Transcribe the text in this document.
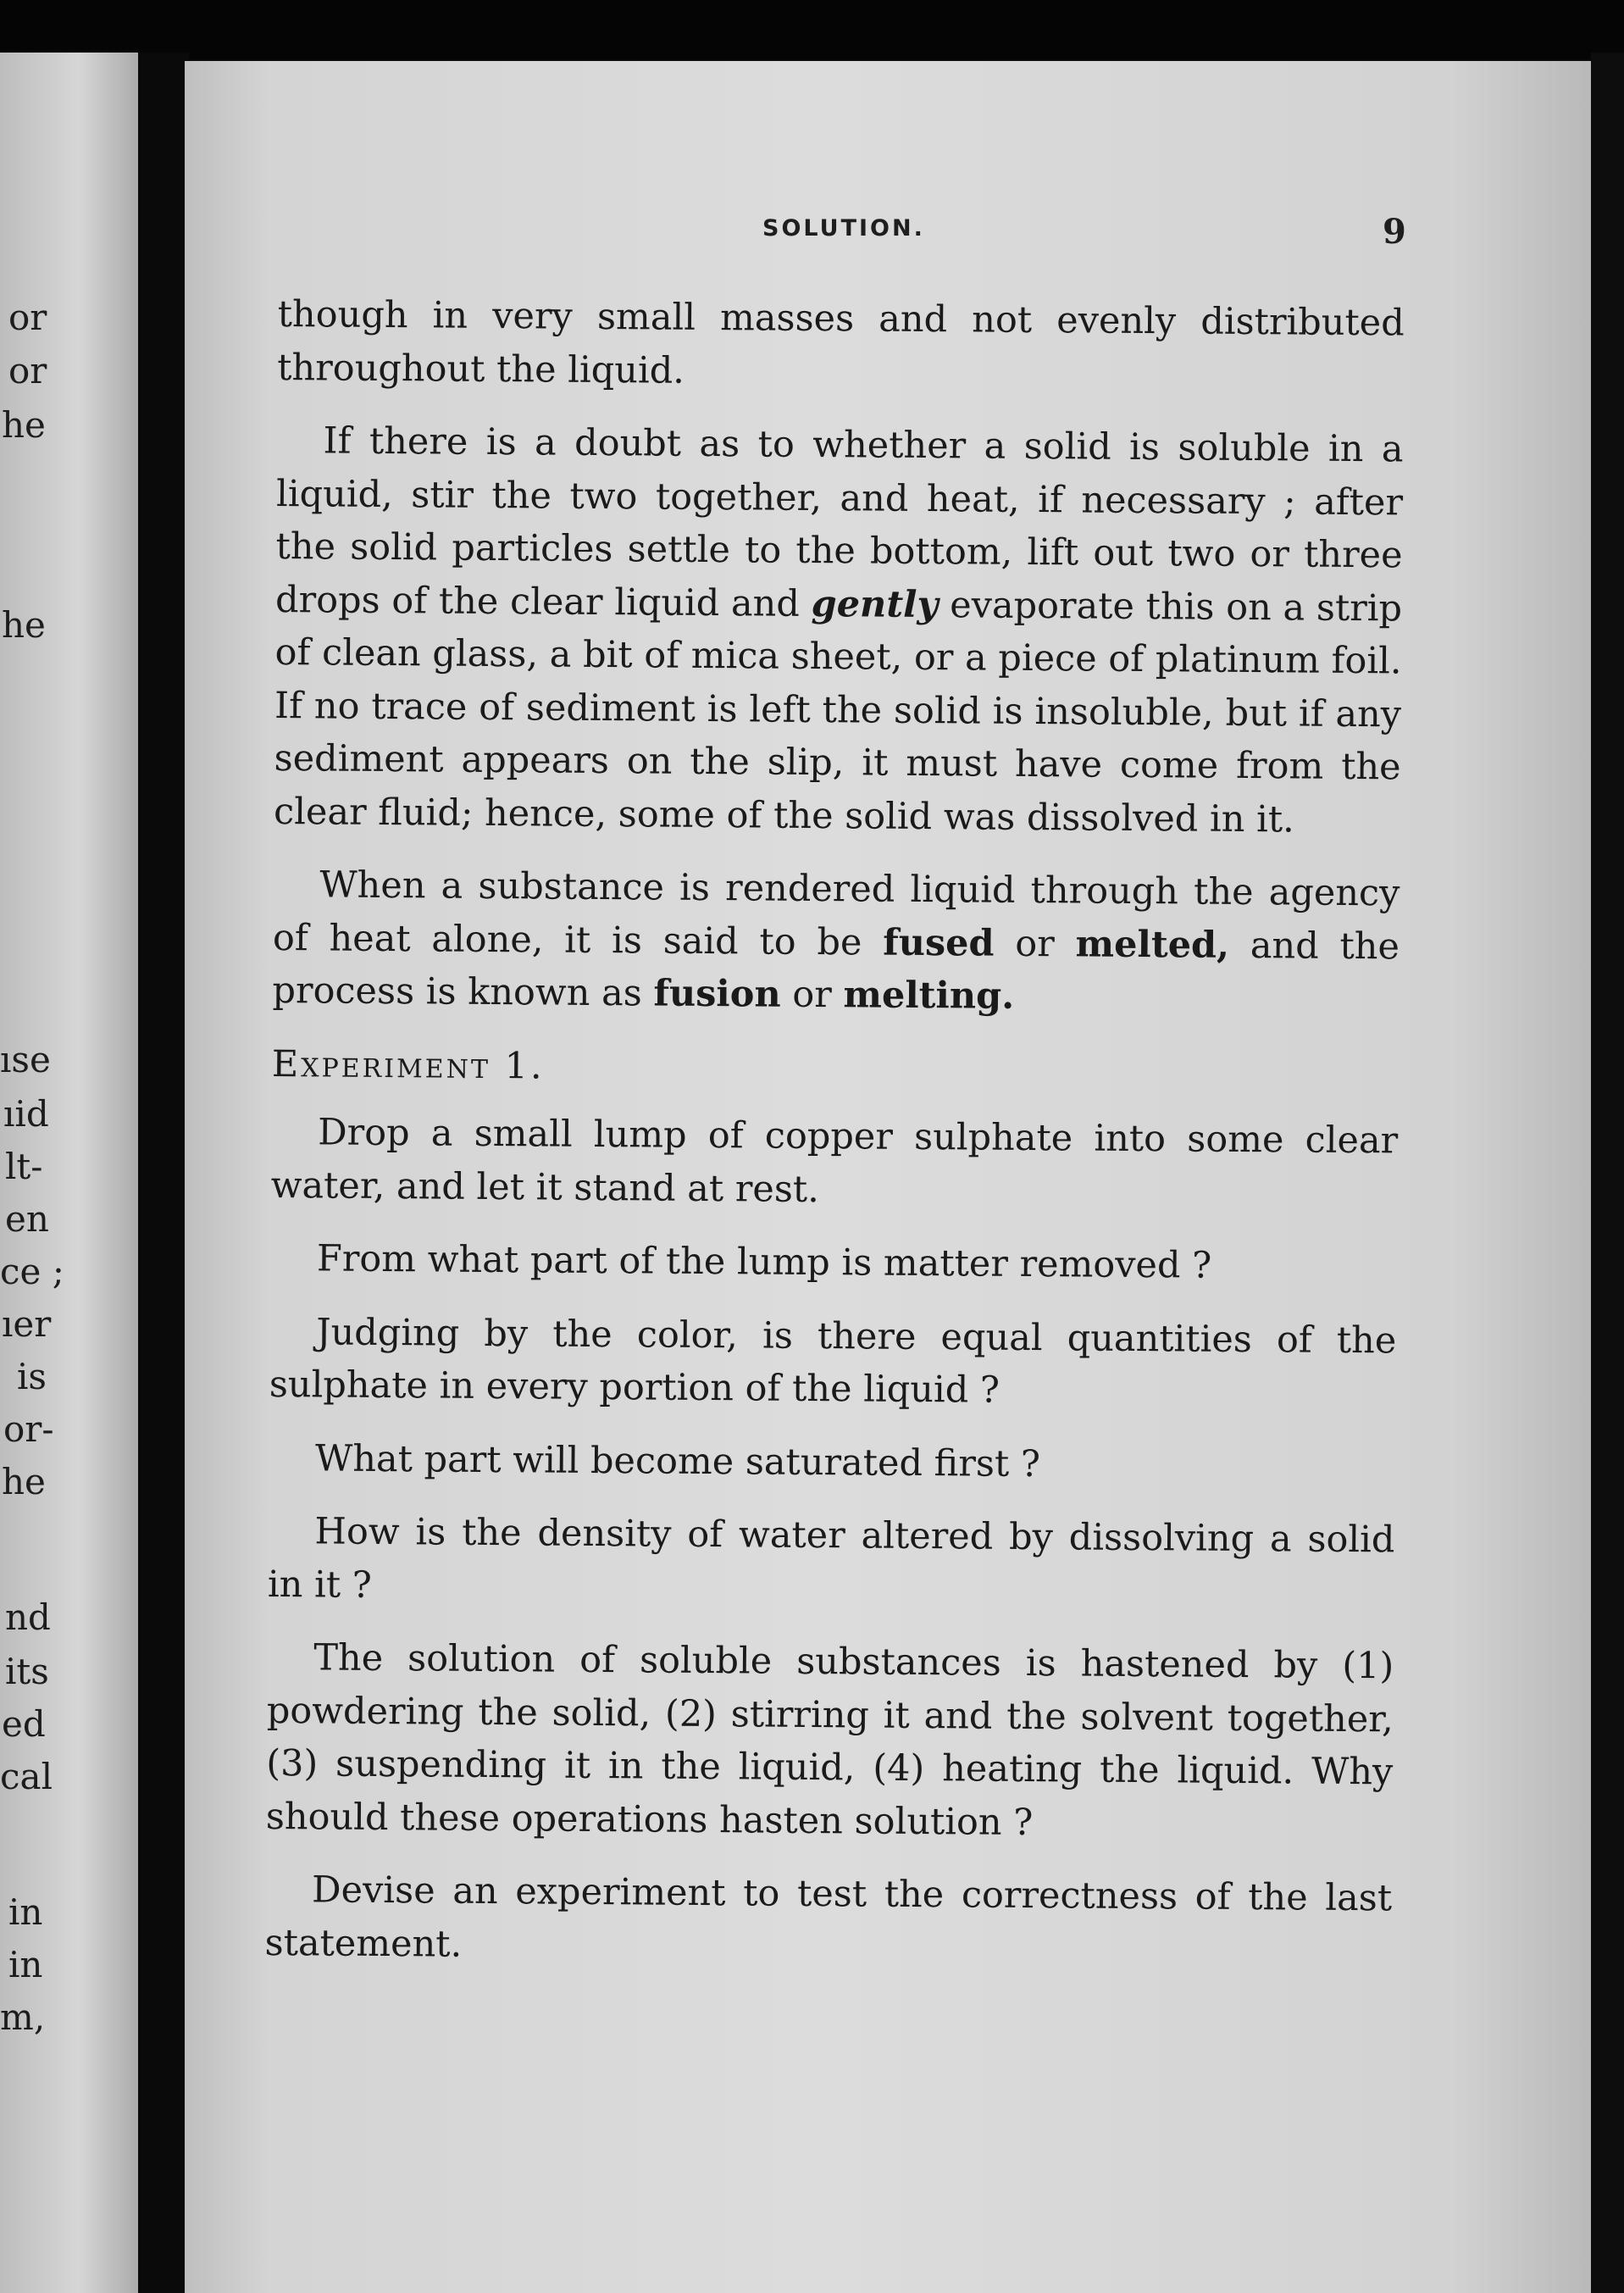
or
or
he
he
ıse
ıid
lt-
en
ce ;
ıer
is
or-
he
nd
its
ed
cal
in
in
m,
SOLUTION.	9

though in very small masses and not evenly distributed throughout the liquid.

If there is a doubt as to whether a solid is soluble in a liquid, stir the two together, and heat, if necessary ; after the solid particles settle to the bottom, lift out two or three drops of the clear liquid and gently evaporate this on a strip of clean glass, a bit of mica sheet, or a piece of platinum foil. If no trace of sediment is left the solid is insoluble, but if any sediment appears on the slip, it must have come from the clear fluid; hence, some of the solid was dissolved in it.

When a substance is rendered liquid through the agency of heat alone, it is said to be fused or melted, and the process is known as fusion or melting.

Experiment 1.

Drop a small lump of copper sulphate into some clear water, and let it stand at rest.

From what part of the lump is matter removed ?

Judging by the color, is there equal quantities of the sulphate in every portion of the liquid ?

What part will become saturated first ?

How is the density of water altered by dissolving a solid in it ?

The solution of soluble substances is hastened by (1) powdering the solid, (2) stirring it and the solvent together, (3) suspending it in the liquid, (4) heating the liquid. Why should these operations hasten solution ?

Devise an experiment to test the correctness of the last statement.
